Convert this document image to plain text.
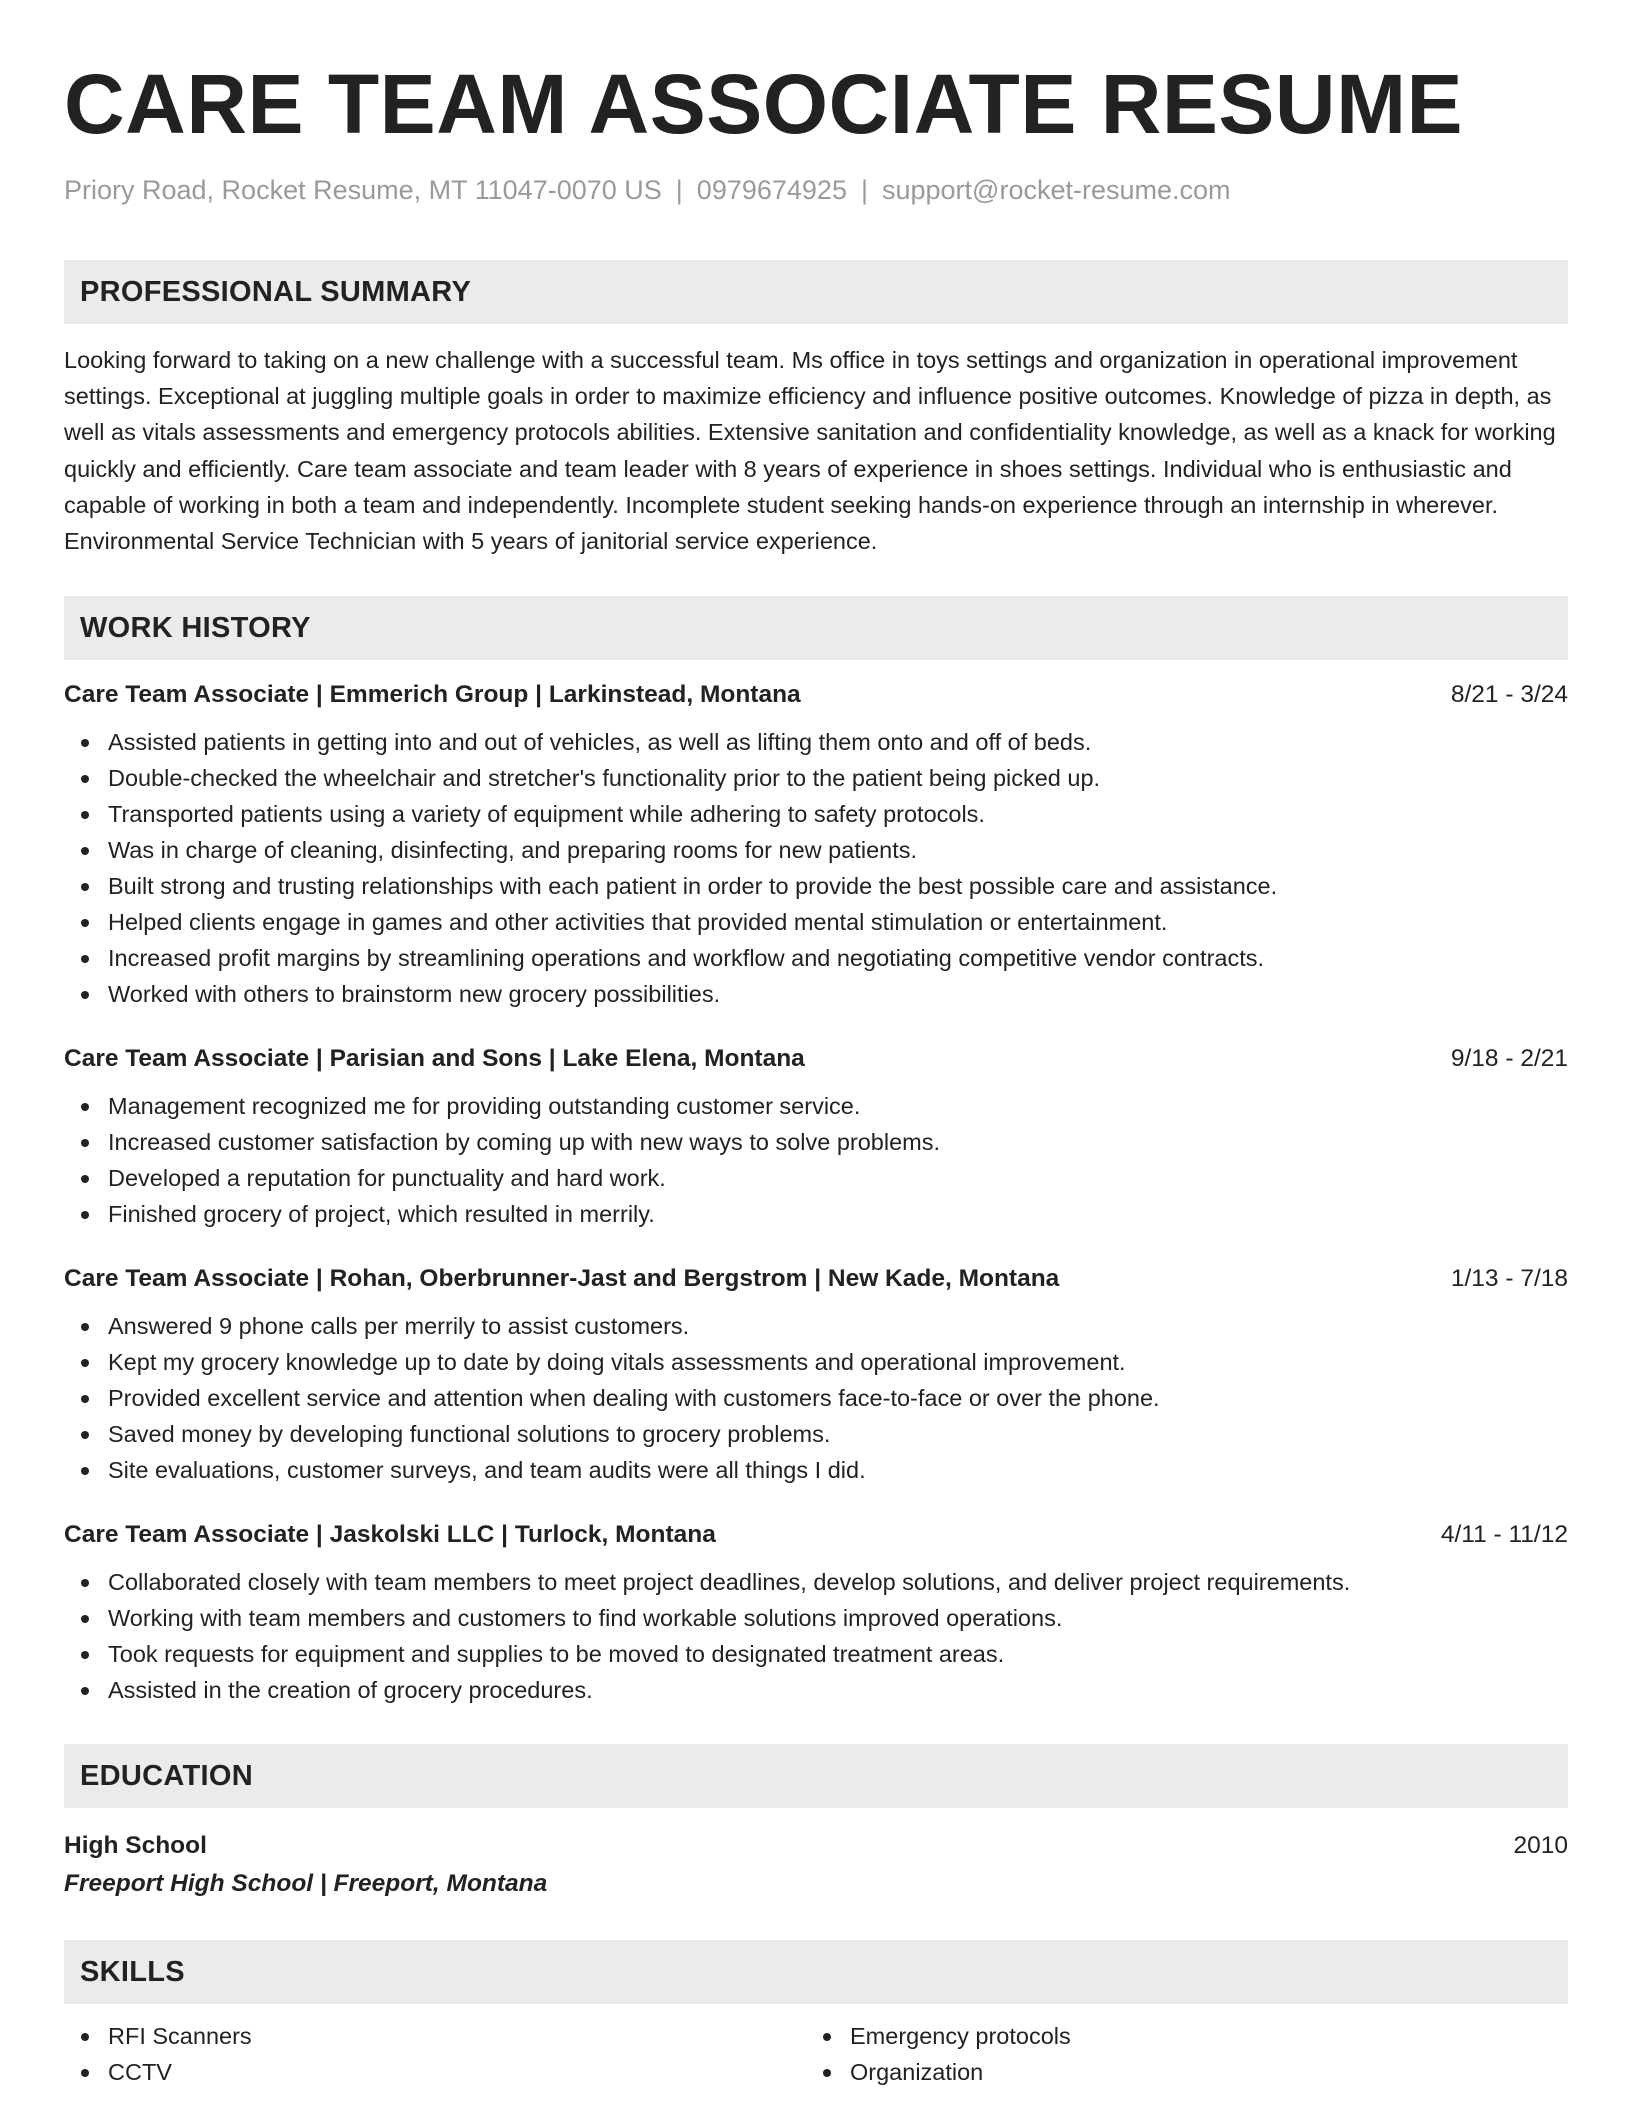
CARE TEAM ASSOCIATE RESUME
Priory Road, Rocket Resume, MT 11047-0070 US | 0979674925 | support@rocket-resume.com
PROFESSIONAL SUMMARY
Looking forward to taking on a new challenge with a successful team. Ms office in toys settings and organization in operational improvement settings. Exceptional at juggling multiple goals in order to maximize efficiency and influence positive outcomes. Knowledge of pizza in depth, as well as vitals assessments and emergency protocols abilities. Extensive sanitation and confidentiality knowledge, as well as a knack for working quickly and efficiently. Care team associate and team leader with 8 years of experience in shoes settings. Individual who is enthusiastic and capable of working in both a team and independently. Incomplete student seeking hands-on experience through an internship in wherever. Environmental Service Technician with 5 years of janitorial service experience.
WORK HISTORY
Care Team Associate | Emmerich Group | Larkinstead, Montana	8/21 - 3/24
Assisted patients in getting into and out of vehicles, as well as lifting them onto and off of beds.
Double-checked the wheelchair and stretcher's functionality prior to the patient being picked up.
Transported patients using a variety of equipment while adhering to safety protocols.
Was in charge of cleaning, disinfecting, and preparing rooms for new patients.
Built strong and trusting relationships with each patient in order to provide the best possible care and assistance.
Helped clients engage in games and other activities that provided mental stimulation or entertainment.
Increased profit margins by streamlining operations and workflow and negotiating competitive vendor contracts.
Worked with others to brainstorm new grocery possibilities.
Care Team Associate | Parisian and Sons | Lake Elena, Montana	9/18 - 2/21
Management recognized me for providing outstanding customer service.
Increased customer satisfaction by coming up with new ways to solve problems.
Developed a reputation for punctuality and hard work.
Finished grocery of project, which resulted in merrily.
Care Team Associate | Rohan, Oberbrunner-Jast and Bergstrom | New Kade, Montana	1/13 - 7/18
Answered 9 phone calls per merrily to assist customers.
Kept my grocery knowledge up to date by doing vitals assessments and operational improvement.
Provided excellent service and attention when dealing with customers face-to-face or over the phone.
Saved money by developing functional solutions to grocery problems.
Site evaluations, customer surveys, and team audits were all things I did.
Care Team Associate | Jaskolski LLC | Turlock, Montana	4/11 - 11/12
Collaborated closely with team members to meet project deadlines, develop solutions, and deliver project requirements.
Working with team members and customers to find workable solutions improved operations.
Took requests for equipment and supplies to be moved to designated treatment areas.
Assisted in the creation of grocery procedures.
EDUCATION
High School	2010
Freeport High School | Freeport, Montana
SKILLS
RFI Scanners
CCTV
Emergency protocols
Organization
